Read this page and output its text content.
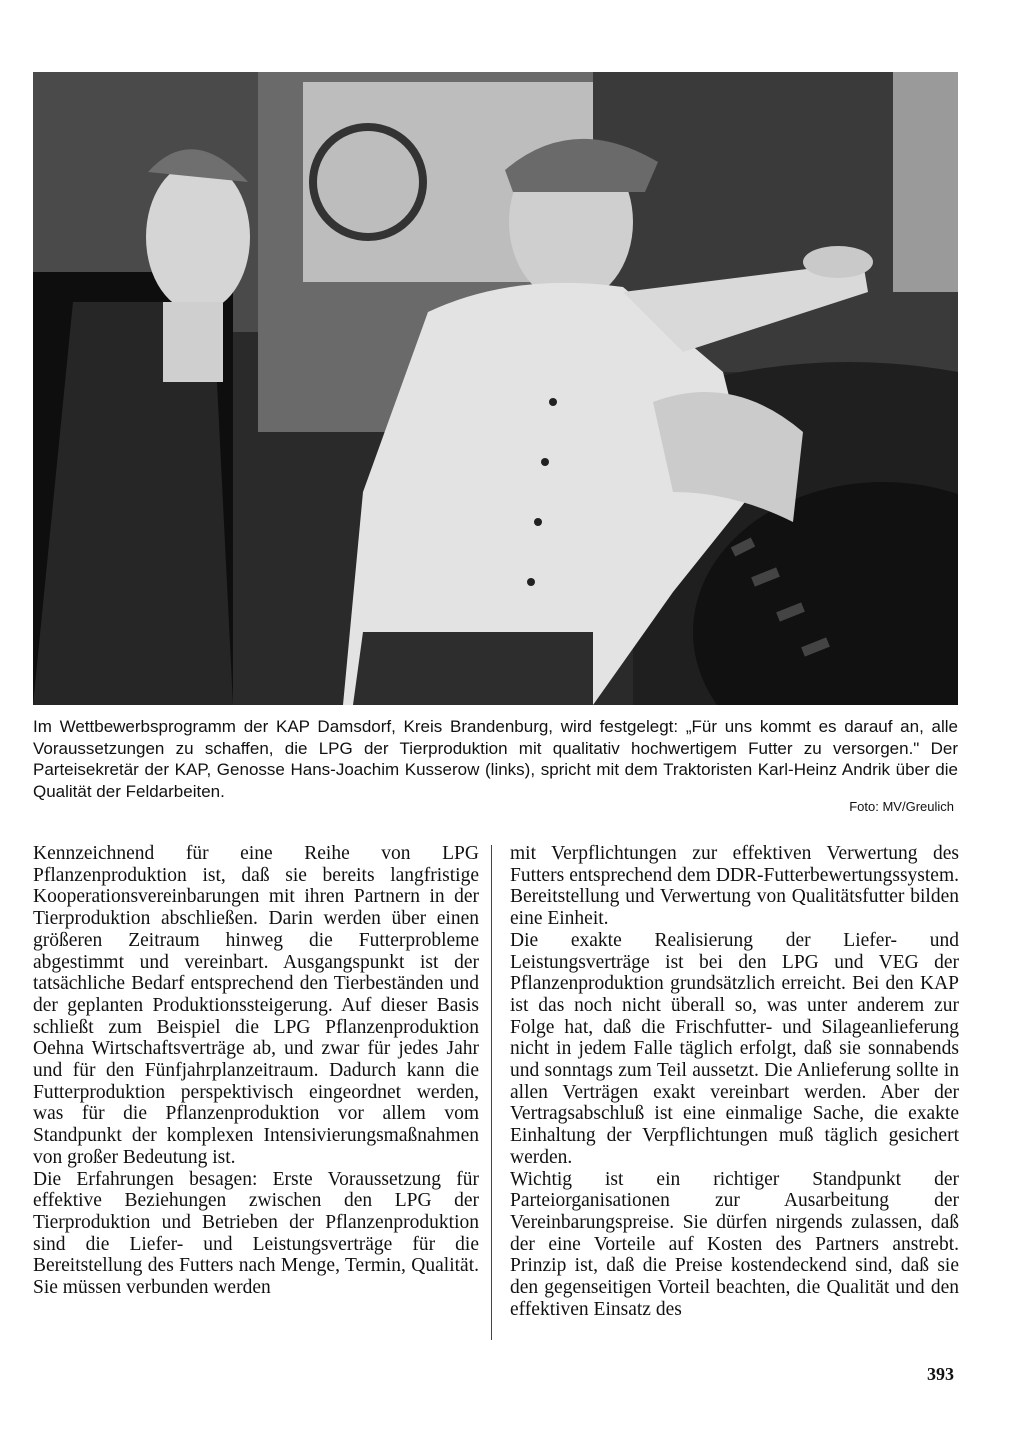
Im Wettbewerbsprogramm der KAP Damsdorf, Kreis Brandenburg, wird festgelegt: „Für uns kommt es darauf an, alle Voraussetzungen zu schaffen, die LPG der Tierproduktion mit qualitativ hochwertigem Futter zu versorgen." Der Parteisekretär der KAP, Genosse Hans-Joachim Kusserow (links), spricht mit dem Traktoristen Karl-Heinz Andrik über die Qualität der Feldarbeiten.

Foto: MV/Greulich

Kennzeichnend für eine Reihe von LPG Pflanzenproduktion ist, daß sie bereits langfristige Kooperationsvereinbarungen mit ihren Partnern in der Tierproduktion abschließen. Darin werden über einen größeren Zeitraum hinweg die Futterprobleme abgestimmt und vereinbart. Ausgangspunkt ist der tatsächliche Bedarf entsprechend den Tierbeständen und der geplanten Produktionssteigerung. Auf dieser Basis schließt zum Beispiel die LPG Pflanzenproduktion Oehna Wirtschaftsverträge ab, und zwar für jedes Jahr und für den Fünfjahrplanzeitraum. Dadurch kann die Futterproduktion perspektivisch eingeordnet werden, was für die Pflanzenproduktion vor allem vom Standpunkt der komplexen Intensivierungsmaßnahmen von großer Bedeutung ist.

Die Erfahrungen besagen: Erste Voraussetzung für effektive Beziehungen zwischen den LPG der Tierproduktion und Betrieben der Pflanzenproduktion sind die Liefer- und Leistungsverträge für die Bereitstellung des Futters nach Menge, Termin, Qualität. Sie müssen verbunden werden

mit Verpflichtungen zur effektiven Verwertung des Futters entsprechend dem DDR-Futterbewertungssystem. Bereitstellung und Verwertung von Qualitätsfutter bilden eine Einheit.

Die exakte Realisierung der Liefer- und Leistungsverträge ist bei den LPG und VEG der Pflanzenproduktion grundsätzlich erreicht. Bei den KAP ist das noch nicht überall so, was unter anderem zur Folge hat, daß die Frischfutter- und Silageanlieferung nicht in jedem Falle täglich erfolgt, daß sie sonnabends und sonntags zum Teil aussetzt. Die Anlieferung sollte in allen Verträgen exakt vereinbart werden. Aber der Vertragsabschluß ist eine einmalige Sache, die exakte Einhaltung der Verpflichtungen muß täglich gesichert werden.

Wichtig ist ein richtiger Standpunkt der Parteiorganisationen zur Ausarbeitung der Vereinbarungspreise. Sie dürfen nirgends zulassen, daß der eine Vorteile auf Kosten des Partners anstrebt. Prinzip ist, daß die Preise kostendeckend sind, daß sie den gegenseitigen Vorteil beachten, die Qualität und den effektiven Einsatz des

393
